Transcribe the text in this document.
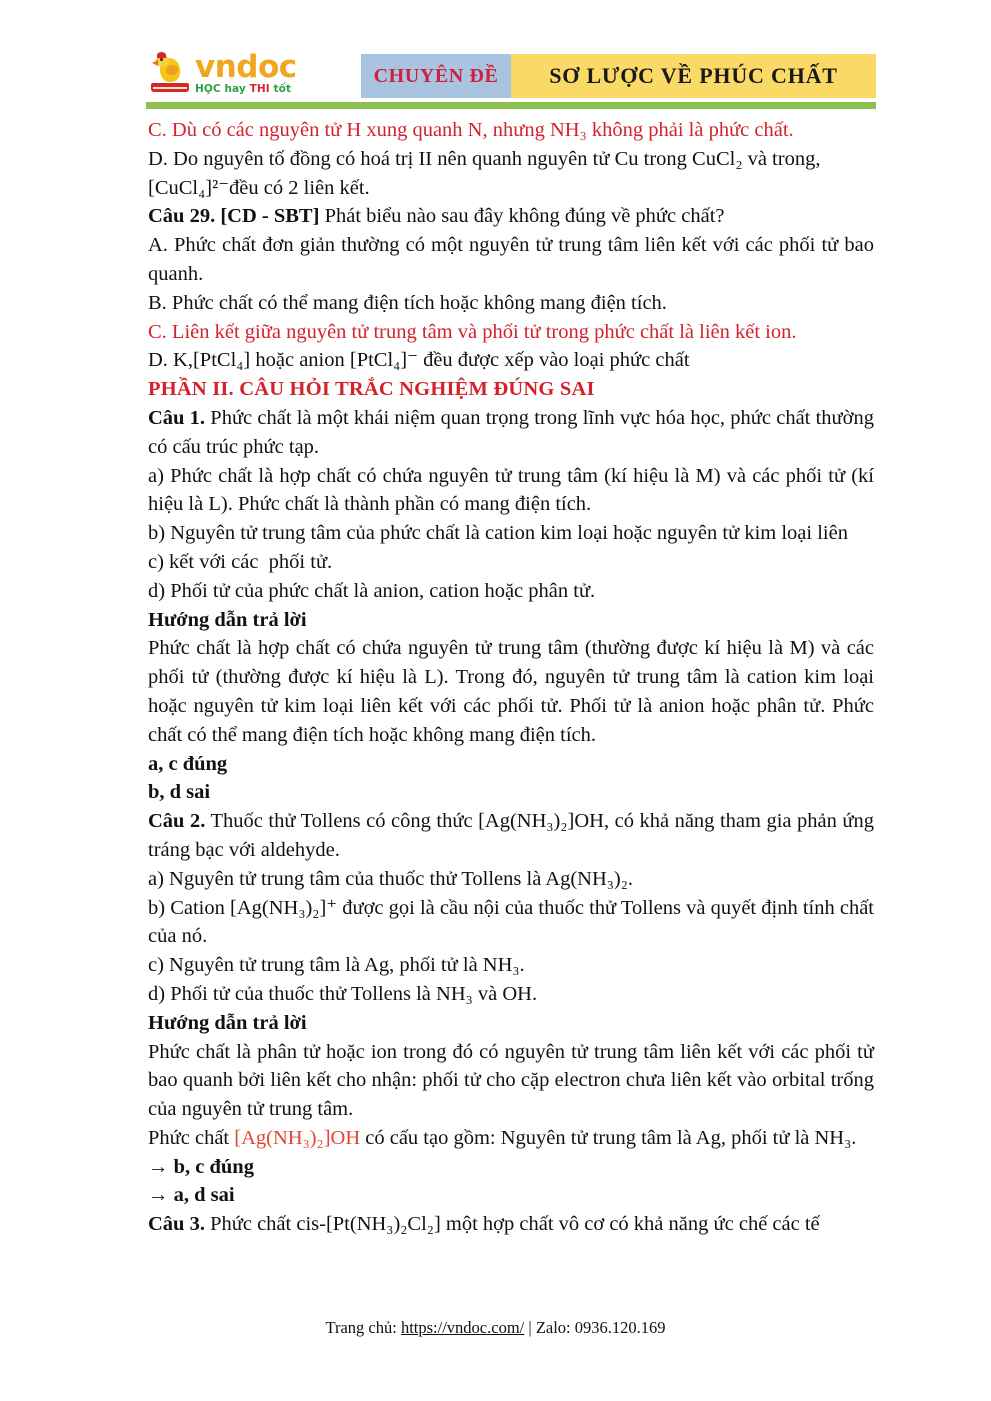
vndoc
HỌC hay THI tốt
CHUYÊN ĐỀ SƠ LƯỢC VỀ PHÚC CHẤT

C. Dù có các nguyên tử H xung quanh N, nhưng NH₃ không phải là phức chất.

D. Do nguyên tố đồng có hoá trị II nên quanh nguyên tử Cu trong CuCl₂ và trong,

[CuCl₄]²⁻đều có 2 liên kết.

Câu 29. [CD - SBT] Phát biểu nào sau đây không đúng về phức chất?

A. Phức chất đơn giản thường có một nguyên tử trung tâm liên kết với các phối tử bao quanh.

B. Phức chất có thể mang điện tích hoặc không mang điện tích.

C. Liên kết giữa nguyên tử trung tâm và phối tử trong phức chất là liên kết ion.

D. K,[PtCl₄] hoặc anion [PtCl₄]⁻ đều được xếp vào loại phức chất

PHẦN II. CÂU HỎI TRẮC NGHIỆM ĐÚNG SAI

Câu 1. Phức chất là một khái niệm quan trọng trong lĩnh vực hóa học, phức chất thường có cấu trúc phức tạp.

a) Phức chất là hợp chất có chứa nguyên tử trung tâm (kí hiệu là M) và các phối tử (kí hiệu là L). Phức chất là thành phần có mang điện tích.

b) Nguyên tử trung tâm của phức chất là cation kim loại hoặc nguyên tử kim loại liên

c) kết với các  phối tử.

d) Phối tử của phức chất là anion, cation hoặc phân tử.

Hướng dẫn trả lời

Phức chất là hợp chất có chứa nguyên tử trung tâm (thường được kí hiệu là M) và các phối tử (thường được kí hiệu là L). Trong đó, nguyên tử trung tâm là cation kim loại hoặc nguyên tử kim loại liên kết với các phối tử. Phối tử là anion hoặc phân tử. Phức chất có thể mang điện tích hoặc không mang điện tích.

a, c đúng

b, d sai

Câu 2. Thuốc thử Tollens có công thức [Ag(NH₃)₂]OH, có khả năng tham gia phản ứng tráng bạc với aldehyde.

a) Nguyên tử trung tâm của thuốc thử Tollens là Ag(NH₃)₂.

b) Cation [Ag(NH₃)₂]⁺ được gọi là cầu nội của thuốc thử Tollens và quyết định tính chất của nó.

c) Nguyên tử trung tâm là Ag, phối tử là NH₃.

d) Phối tử của thuốc thử Tollens là NH₃ và OH.

Hướng dẫn trả lời

Phức chất là phân tử hoặc ion trong đó có nguyên tử trung tâm liên kết với các phối tử bao quanh bởi liên kết cho nhận: phối tử cho cặp electron chưa liên kết vào orbital trống của nguyên tử trung tâm.

Phức chất [Ag(NH₃)₂]OH có cấu tạo gồm: Nguyên tử trung tâm là Ag, phối tử là NH₃.

→ b, c đúng

→ a, d sai

Câu 3. Phức chất cis-[Pt(NH₃)₂Cl₂] một hợp chất vô cơ có khả năng ức chế các tế

Trang chủ: https://vndoc.com/ | Zalo: 0936.120.169
